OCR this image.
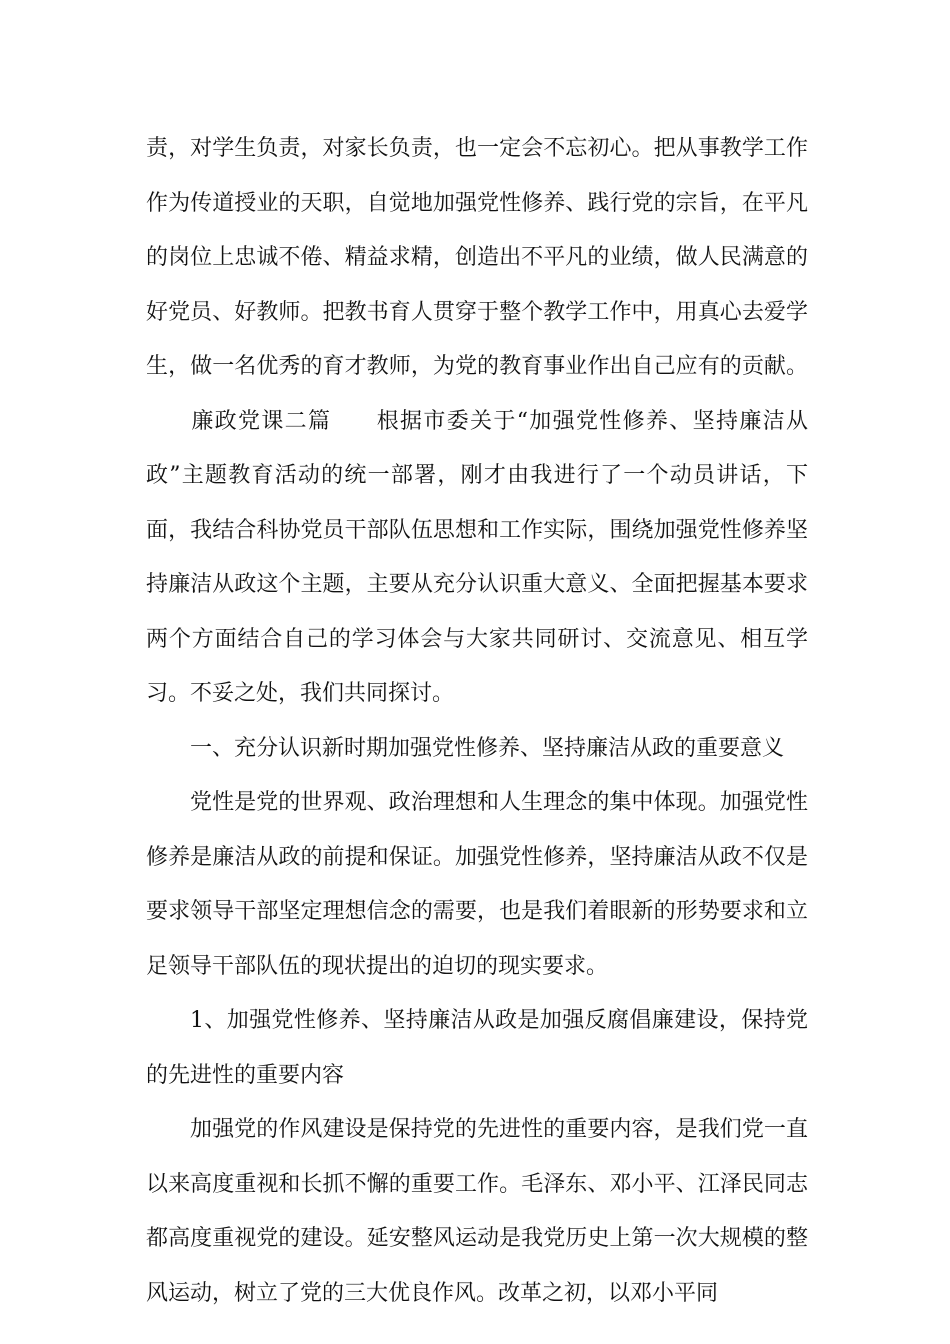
责，对学生负责，对家长负责，也一定会不忘初心。把从事教学工作作为传道授业的天职，自觉地加强党性修养、践行党的宗旨，在平凡的岗位上忠诚不倦、精益求精，创造出不平凡的业绩，做人民满意的好党员、好教师。把教书育人贯穿于整个教学工作中，用真心去爱学生，做一名优秀的育才教师，为党的教育事业作出自己应有的贡献。廉政党课二篇 根据市委关于“加强党性修养、坚持廉洁从政”主题教育活动的统一部署，刚才由我进行了一个动员讲话，下面，我结合科协党员干部队伍思想和工作实际，围绕加强党性修养坚持廉洁从政这个主题，主要从充分认识重大意义、全面把握基本要求两个方面结合自己的学习体会与大家共同研讨、交流意见、相互学习。不妥之处，我们共同探讨。

一、充分认识新时期加强党性修养、坚持廉洁从政的重要意义

党性是党的世界观、政治理想和人生理念的集中体现。加强党性修养是廉洁从政的前提和保证。加强党性修养，坚持廉洁从政不仅是要求领导干部坚定理想信念的需要，也是我们着眼新的形势要求和立足领导干部队伍的现状提出的迫切的现实要求。

1、加强党性修养、坚持廉洁从政是加强反腐倡廉建设，保持党的先进性的重要内容

加强党的作风建设是保持党的先进性的重要内容，是我们党一直以来高度重视和长抓不懈的重要工作。毛泽东、邓小平、江泽民同志都高度重视党的建设。延安整风运动是我党历史上第一次大规模的整风运动，树立了党的三大优良作风。改革之初，以邓小平同
